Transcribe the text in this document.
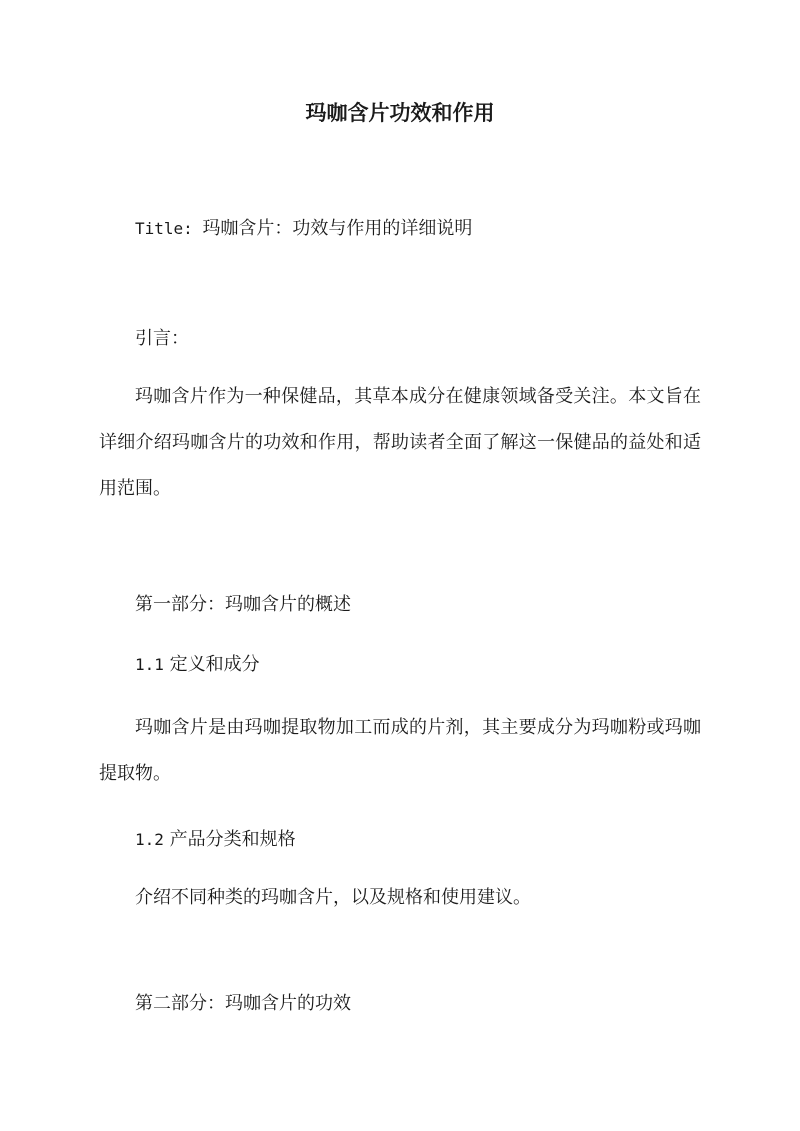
玛咖含片功效和作用

Title: 玛咖含片：功效与作用的详细说明

引言：

玛咖含片作为一种保健品，其草本成分在健康领域备受关注。本文旨在详细介绍玛咖含片的功效和作用，帮助读者全面了解这一保健品的益处和适用范围。

第一部分：玛咖含片的概述

1.1 定义和成分

玛咖含片是由玛咖提取物加工而成的片剂，其主要成分为玛咖粉或玛咖提取物。

1.2 产品分类和规格

介绍不同种类的玛咖含片，以及规格和使用建议。

第二部分：玛咖含片的功效
